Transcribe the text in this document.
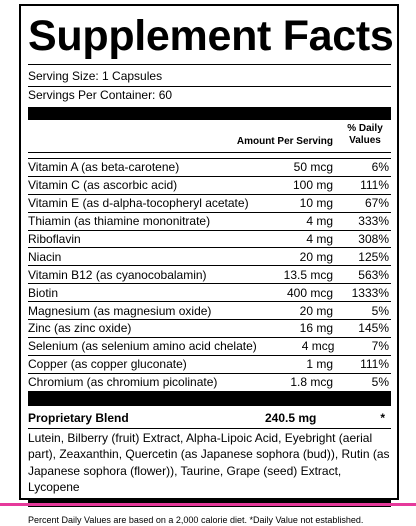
Supplement Facts
Serving Size: 1 Capsules
Servings Per Container: 60
Amount Per Serving
% Daily Values
Vitamin A (as beta-carotene)	50 mcg	6%
Vitamin C (as ascorbic acid)	100 mg	111%
Vitamin E (as d-alpha-tocopheryl acetate)	10 mg	67%
Thiamin (as thiamine mononitrate)	4 mg	333%
Riboflavin	4 mg	308%
Niacin	20 mg	125%
Vitamin B12 (as cyanocobalamin)	13.5 mcg	563%
Biotin	400 mcg	1333%
Magnesium (as magnesium oxide)	20 mg	5%
Zinc (as zinc oxide)	16 mg	145%
Selenium (as selenium amino acid chelate)	4 mcg	7%
Copper (as copper gluconate)	1 mg	111%
Chromium (as chromium picolinate)	1.8 mcg	5%
Proprietary Blend	240.5 mg	*
Lutein, Bilberry (fruit) Extract, Alpha-Lipoic Acid, Eyebright (aerial part), Zeaxanthin, Quercetin (as Japanese sophora (bud)), Rutin (as Japanese sophora (flower)), Taurine, Grape (seed) Extract, Lycopene
Percent Daily Values are based on a 2,000 calorie diet. *Daily Value not established.
